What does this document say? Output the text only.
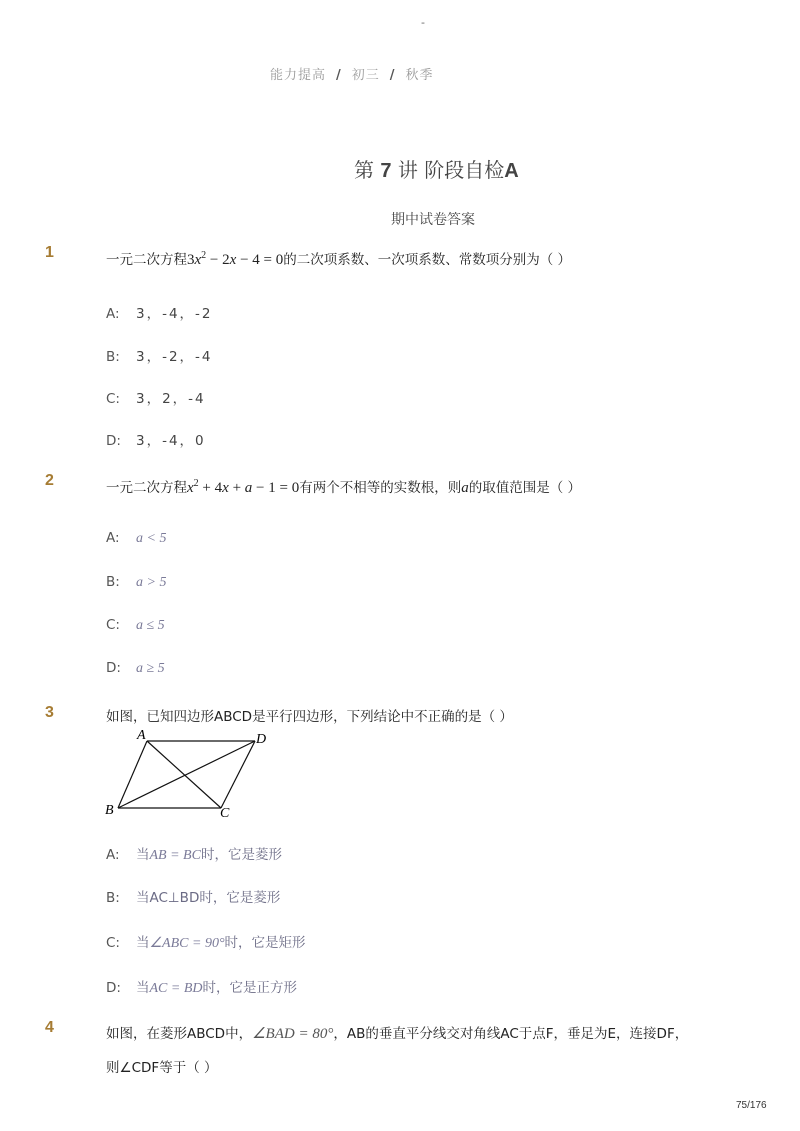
-
能力提高 / 初三 / 秋季
第 7 讲 阶段自检A
期中试卷答案
1	一元二次方程$3x^2 - 2x - 4 = 0$的二次项系数、一次项系数、常数项分别为（ ）
A: 3，-4，-2
B: 3，-2，-4
C: 3，2，-4
D: 3，-4，0
2	一元二次方程$x^2 + 4x + a - 1 = 0$有两个不相等的实数根，则a的取值范围是（ ）
A: a < 5
B: a > 5
C: a ≤ 5
D: a ≥ 5
3	如图，已知四边形ABCD是平行四边形，下列结论中不正确的是（ ）
A	D
B	C
A: 当AB = BC时，它是菱形
B: 当AC⊥BD时，它是菱形
C: 当∠ABC = 90°时，它是矩形
D: 当AC = BD时，它是正方形
4	如图，在菱形ABCD中，∠BAD = 80°，AB的垂直平分线交对角线AC于点F，垂足为E，连接DF，
则∠CDF等于（ ）
75/176
